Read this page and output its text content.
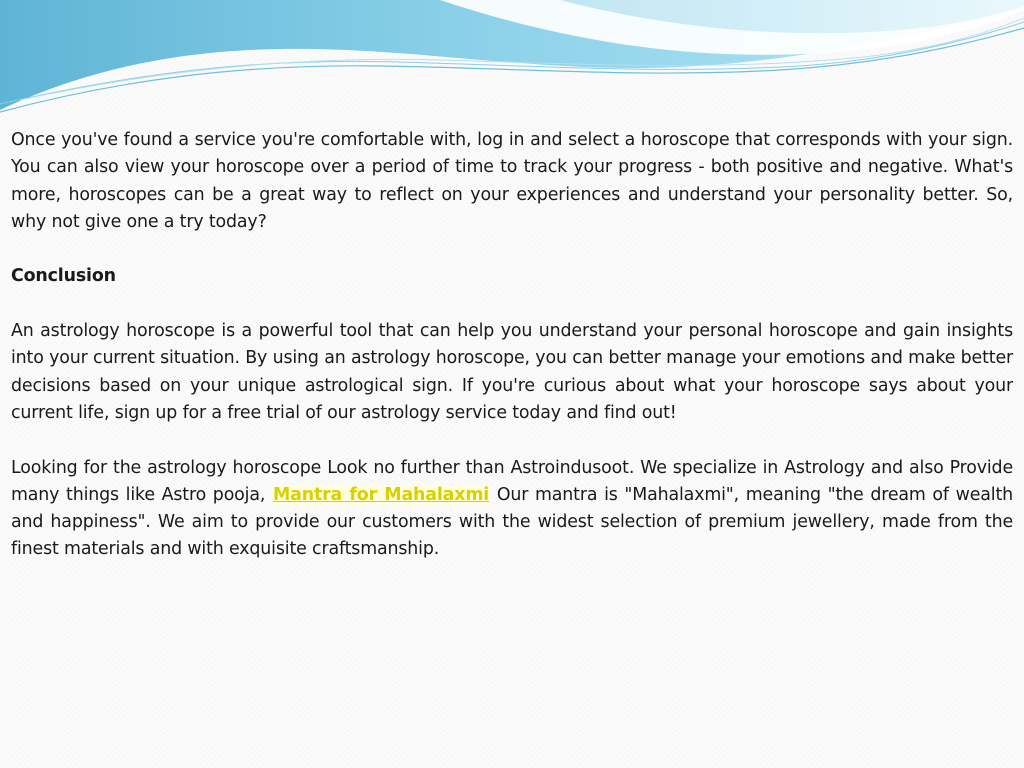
Once you've found a service you're comfortable with, log in and select a horoscope that corresponds with your sign. You can also view your horoscope over a period of time to track your progress - both positive and negative. What's more, horoscopes can be a great way to reflect on your experiences and understand your personality better. So, why not give one a try today?

Conclusion

An astrology horoscope is a powerful tool that can help you understand your personal horoscope and gain insights into your current situation. By using an astrology horoscope, you can better manage your emotions and make better decisions based on your unique astrological sign. If you're curious about what your horoscope says about your current life, sign up for a free trial of our astrology service today and find out!

Looking for the astrology horoscope Look no further than Astroindusoot. We specialize in Astrology and also Provide many things like Astro pooja, Mantra for Mahalaxmi Our mantra is "Mahalaxmi", meaning "the dream of wealth and happiness". We aim to provide our customers with the widest selection of premium jewellery, made from the finest materials and with exquisite craftsmanship.
